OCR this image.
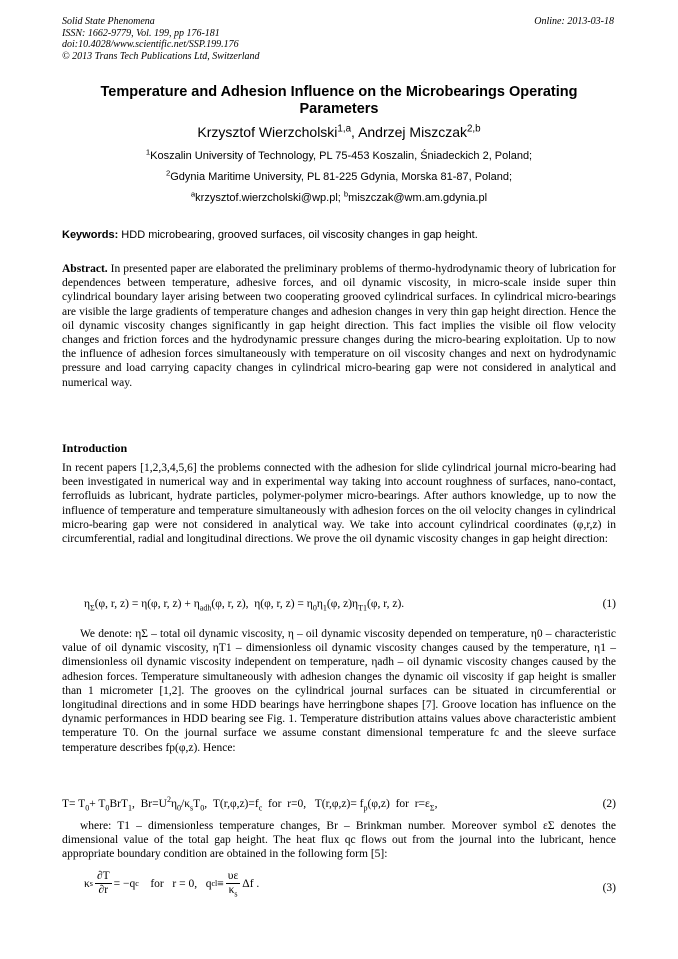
Solid State Phenomena
ISSN: 1662-9779, Vol. 199, pp 176-181
doi:10.4028/www.scientific.net/SSP.199.176
© 2013 Trans Tech Publications Ltd, Switzerland
Online: 2013-03-18
Temperature and Adhesion Influence on the Microbearings Operating
Parameters
Krzysztof Wierzcholski$^{1,a}$, Andrzej Miszczak$^{2,b}$
$^1$Koszalin University of Technology, PL 75-453 Koszalin, Śniadeckich 2, Poland;
$^2$Gdynia Maritime University, PL 81-225 Gdynia, Morska 81-87, Poland;
$^a$krzysztof.wierzcholski@wp.pl; $^b$miszczak@wm.am.gdynia.pl
Keywords: HDD microbearing, grooved surfaces, oil viscosity changes in gap height.
Abstract. In presented paper are elaborated the preliminary problems of thermo-hydrodynamic theory of lubrication for dependences between temperature, adhesive forces, and oil dynamic viscosity, in micro-scale inside super thin cylindrical boundary layer arising between two cooperating grooved cylindrical surfaces. In cylindrical micro-bearings are visible the large gradients of temperature changes and adhesion changes in very thin gap height direction. Hence the oil dynamic viscosity changes significantly in gap height direction. This fact implies the visible oil flow velocity changes and friction forces and the hydrodynamic pressure changes during the micro-bearing exploitation. Up to now the influence of adhesion forces simultaneously with temperature on oil viscosity changes and next on hydrodynamic pressure and load carrying capacity changes in cylindrical micro-bearing gap were not considered in analytical and numerical way.
Introduction
In recent papers [1,2,3,4,5,6] the problems connected with the adhesion for slide cylindrical journal micro-bearing had been investigated in numerical way and in experimental way taking into account roughness of surfaces, nano-contact, ferrofluids as lubricant, hydrate particles, polymer-polymer micro-bearings. After authors knowledge, up to now the influence of temperature and temperature simultaneously with adhesion forces on the oil velocity changes in cylindrical micro-bearing gap were not considered in analytical way. We take into account cylindrical coordinates (φ,r,z) in circumferential, radial and longitudinal directions. We prove the oil dynamic viscosity changes in gap height direction:
$\eta_\Sigma(\varphi$, r, z) = η(φ, r, $z) + \eta_{adh}(\varphi$, r, z),  η(φ, r, $z) = \eta_0\eta_1(\varphi$, $z)\eta_{T1}(\varphi$, r, z).	(1)
We denote: ηΣ – total oil dynamic viscosity, η – oil dynamic viscosity depended on temperature, η0 – characteristic value of oil dynamic viscosity, ηT1 – dimensionless oil dynamic viscosity changes caused by the temperature, η1 – dimensionless oil dynamic viscosity independent on temperature, ηadh – oil dynamic viscosity changes caused by the adhesion forces. Temperature simultaneously with adhesion changes the dynamic oil viscosity if gap height is smaller than 1 micrometer [1,2]. The grooves on the cylindrical journal surfaces can be situated in circumferential or longitudinal directions and in some HDD bearings have herringbone shapes [7]. Groove location has influence on the dynamic performances in HDD bearing see Fig. 1. Temperature distribution attains values above characteristic ambient temperature T0. On the journal surface we assume constant dimensional temperature fc and the sleeve surface temperature describes fp(φ,z). Hence:
$T= T_0+ T_0BrT_1$,  $Br=U^2\eta_0/\kappa_sT_0$,  $T(r,\varphi,z)=f_c$  for  r=0,   $T(r,\varphi,z)= f_p(\varphi,z)$  for  $r=\varepsilon_\Sigma$,	(2)
where: T1 – dimensionless temperature changes, Br – Brinkman number. Moreover symbol εΣ denotes the dimensional value of the total gap height. The heat flux qc flows out from the journal into the lubricant, hence appropriate boundary condition are obtained in the following form [5]:
κ s $\frac{\partial T}{\partial r} = -q$ c for   r = 0,   q cl ≡ $\frac{\upsilon\varepsilon}{\kappa_s}$ Δf .	(3)
